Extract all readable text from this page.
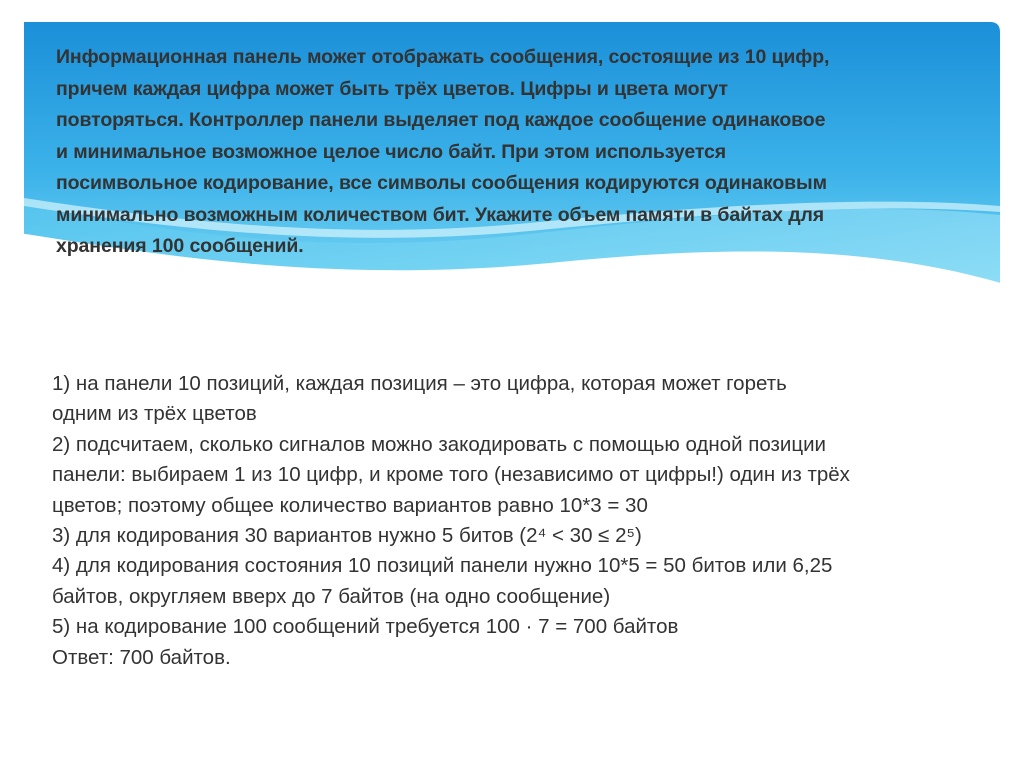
Информационная панель может отображать сообщения, состоящие из 10 цифр,
причем каждая цифра может быть трёх цветов. Цифры и цвета могут
повторяться. Контроллер панели выделяет под каждое сообщение одинаковое
и минимальное возможное целое число байт. При этом используется
посимвольное кодирование, все символы сообщения кодируются одинаковым
минимально возможным количеством бит. Укажите объем памяти в байтах для
хранения 100 сообщений.

1) на панели 10 позиций, каждая позиция – это цифра, которая может гореть
одним из трёх цветов
2) подсчитаем, сколько сигналов можно закодировать с помощью одной позиции
панели: выбираем 1 из 10 цифр, и кроме того (независимо от цифры!) один из трёх
цветов; поэтому общее количество вариантов равно 10*3 = 30
3) для кодирования 30 вариантов нужно 5 битов (2⁴ < 30 ≤ 2⁵)
4) для кодирования состояния 10 позиций панели нужно 10*5 = 50 битов или 6,25
байтов, округляем вверх до 7 байтов (на одно сообщение)
5) на кодирование 100 сообщений требуется 100 · 7 = 700 байтов
Ответ: 700 байтов.
